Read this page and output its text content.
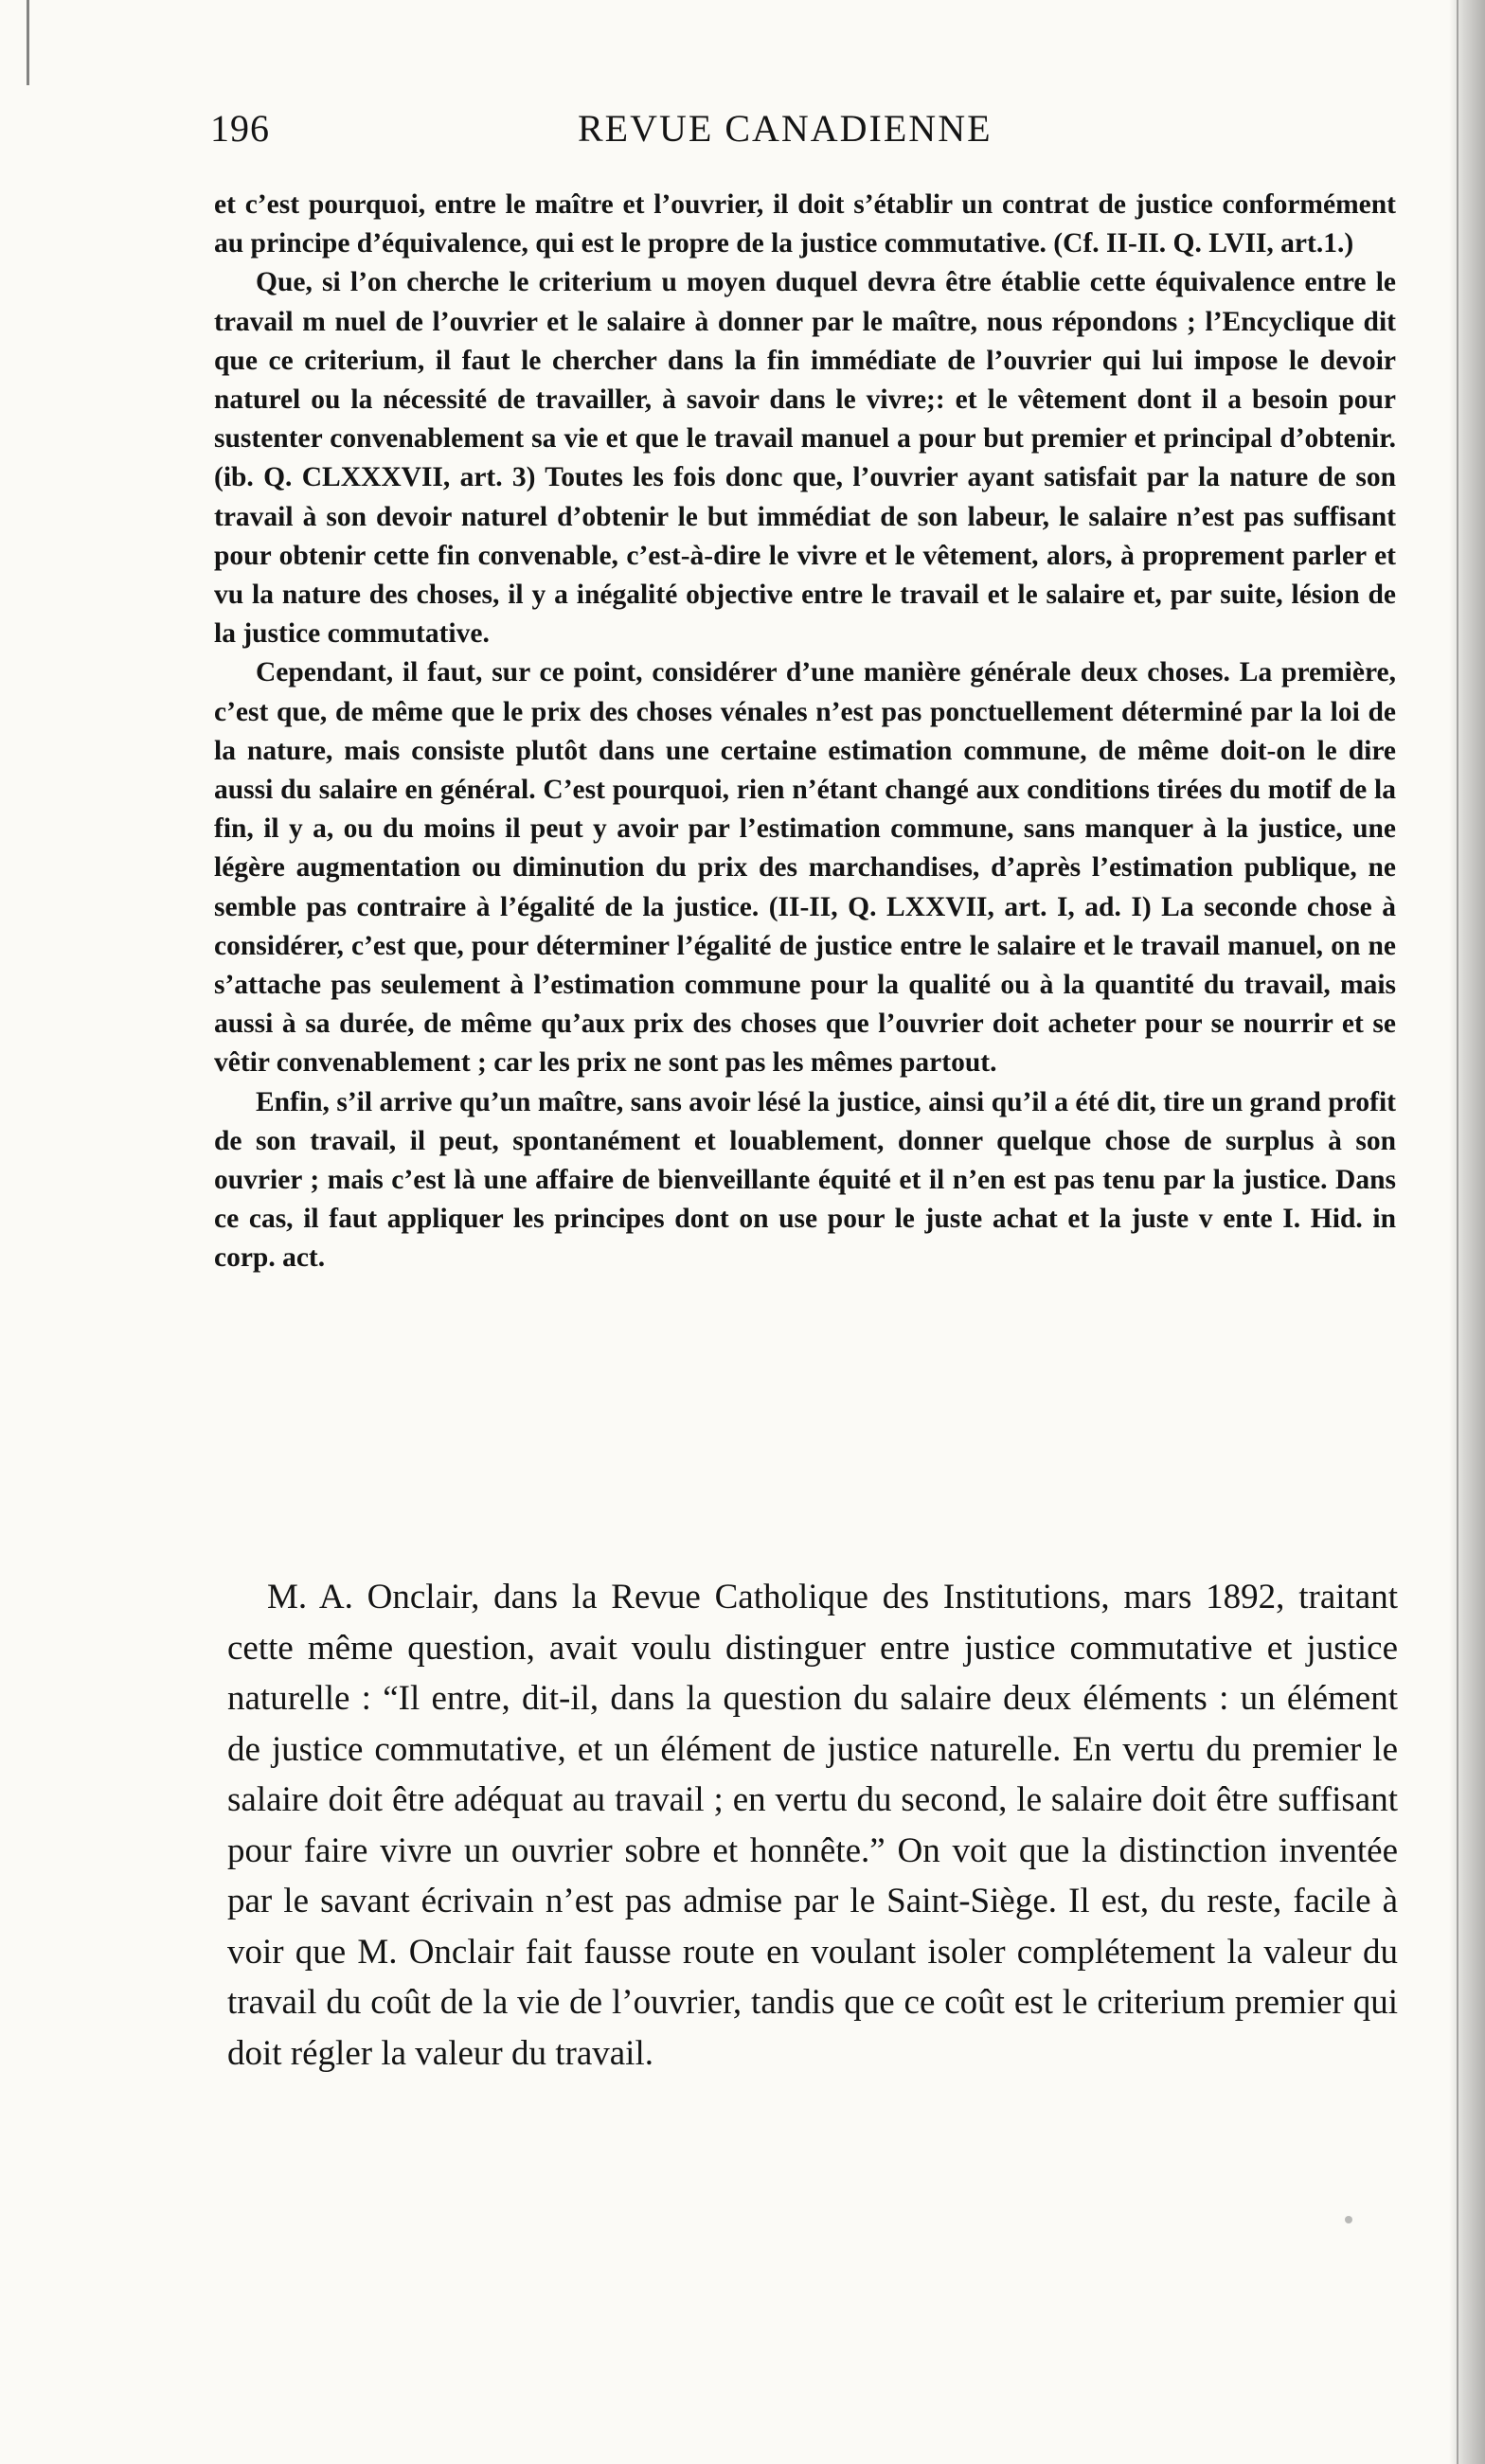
196	REVUE CANADIENNE

et c’est pourquoi, entre le maître et l’ouvrier, il doit s’établir un contrat de justice conformément au principe d’équivalence, qui est le propre de la justice commutative. (Cf. II-II. Q. LVII, art.1.)

Que, si l’on cherche le criterium u moyen duquel devra être établie cette équivalence entre le travail m nuel de l’ouvrier et le salaire à donner par le maître, nous répondons ; l’Encyclique dit que ce criterium, il faut le chercher dans la fin immédiate de l’ouvrier qui lui impose le devoir naturel ou la nécessité de travailler, à savoir dans le vivre;: et le vêtement dont il a besoin pour sustenter convenablement sa vie et que le travail manuel a pour but premier et principal d’obtenir. (ib. Q. CLXXXVII, art. 3) Toutes les fois donc que, l’ouvrier ayant satisfait par la nature de son travail à son devoir naturel d’obtenir le but immédiat de son labeur, le salaire n’est pas suffisant pour obtenir cette fin convenable, c’est-à-dire le vivre et le vêtement, alors, à proprement parler et vu la nature des choses, il y a inégalité objective entre le travail et le salaire et, par suite, lésion de la justice commutative.

Cependant, il faut, sur ce point, considérer d’une manière générale deux choses. La première, c’est que, de même que le prix des choses vénales n’est pas ponctuellement déterminé par la loi de la nature, mais consiste plutôt dans une certaine estimation commune, de même doit-on le dire aussi du salaire en général. C’est pourquoi, rien n’étant changé aux conditions tirées du motif de la fin, il y a, ou du moins il peut y avoir par l’estimation commune, sans manquer à la justice, une légère augmentation ou diminution du prix des marchandises, d’après l’estimation publique, ne semble pas contraire à l’égalité de la justice. (II-II, Q. LXXVII, art. I, ad. I) La seconde chose à considérer, c’est que, pour déterminer l’égalité de justice entre le salaire et le travail manuel, on ne s’attache pas seulement à l’estimation commune pour la qualité ou à la quantité du travail, mais aussi à sa durée, de même qu’aux prix des choses que l’ouvrier doit acheter pour se nourrir et se vêtir convenablement ; car les prix ne sont pas les mêmes partout.

Enfin, s’il arrive qu’un maître, sans avoir lésé la justice, ainsi qu’il a été dit, tire un grand profit de son travail, il peut, spontanément et louablement, donner quelque chose de surplus à son ouvrier ; mais c’est là une affaire de bienveillante équité et il n’en est pas tenu par la justice. Dans ce cas, il faut appliquer les principes dont on use pour le juste achat et la juste v ente I. Hid. in corp. act.

M. A. Onclair, dans la Revue Catholique des Institutions, mars 1892, traitant cette même question, avait voulu distinguer entre justice commutative et justice naturelle : “Il entre, dit-il, dans la question du salaire deux éléments : un élément de justice commutative, et un élément de justice naturelle. En vertu du premier le salaire doit être adéquat au travail ; en vertu du second, le salaire doit être suffisant pour faire vivre un ouvrier sobre et honnête.” On voit que la distinction inventée par le savant écrivain n’est pas admise par le Saint-Siège. Il est, du reste, facile à voir que M. Onclair fait fausse route en voulant isoler complétement la valeur du travail du coût de la vie de l’ouvrier, tandis que ce coût est le criterium premier qui doit régler la valeur du travail.
